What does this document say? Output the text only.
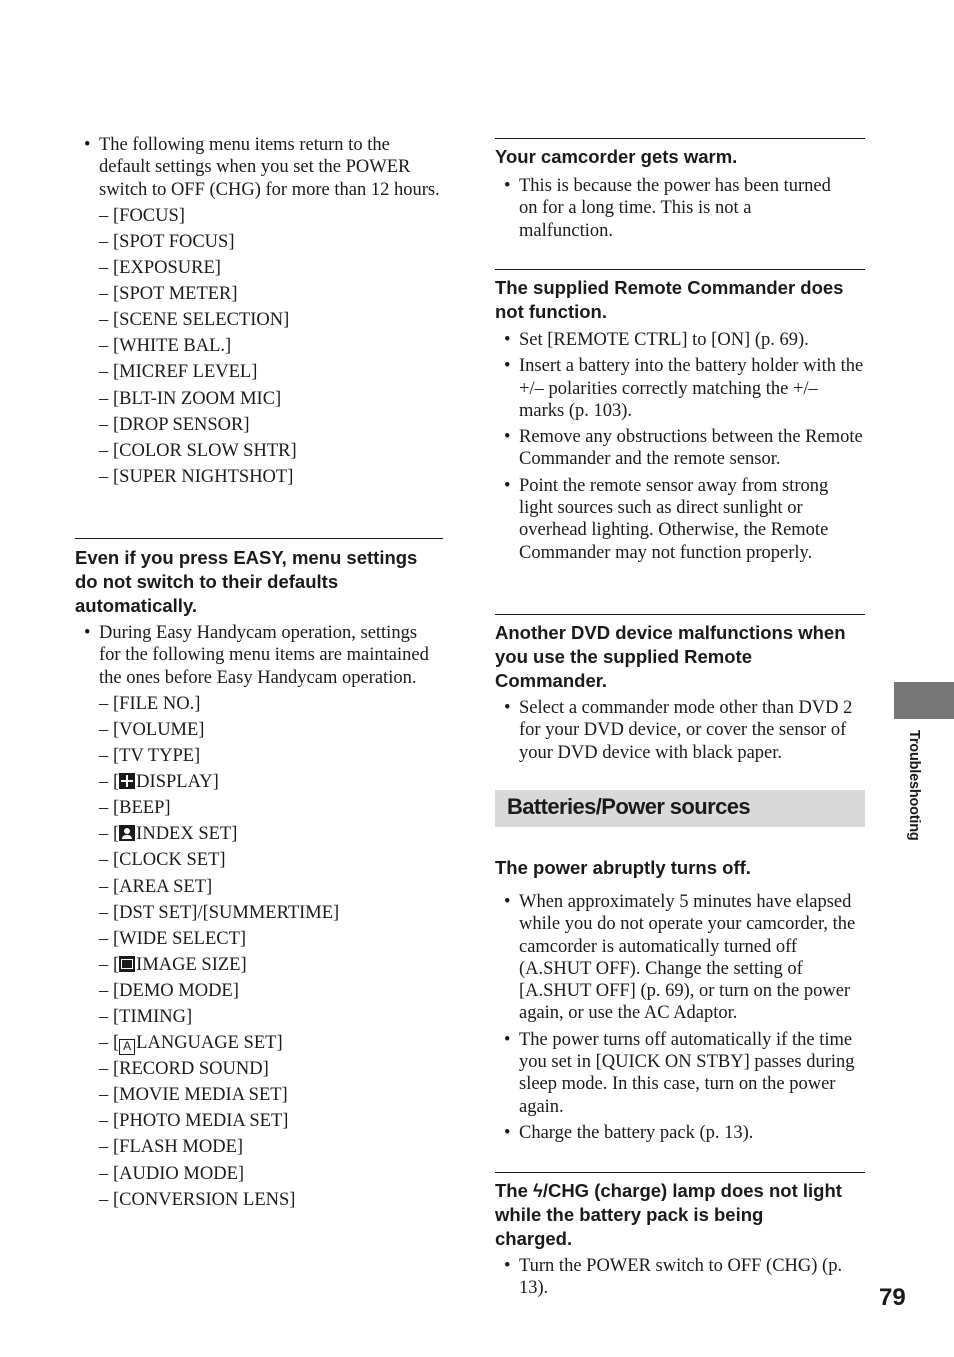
• The following menu items return to the default settings when you set the POWER switch to OFF (CHG) for more than 12 hours.
– [FOCUS]
– [SPOT FOCUS]
– [EXPOSURE]
– [SPOT METER]
– [SCENE SELECTION]
– [WHITE BAL.]
– [MICREF LEVEL]
– [BLT-IN ZOOM MIC]
– [DROP SENSOR]
– [COLOR SLOW SHTR]
– [SUPER NIGHTSHOT]
Even if you press EASY, menu settings do not switch to their defaults automatically.
• During Easy Handycam operation, settings for the following menu items are maintained the ones before Easy Handycam operation.
– [FILE NO.]
– [VOLUME]
– [TV TYPE]
– [ DISPLAY]
– [BEEP]
– [ INDEX SET]
– [CLOCK SET]
– [AREA SET]
– [DST SET]/[SUMMERTIME]
– [WIDE SELECT]
– [ IMAGE SIZE]
– [DEMO MODE]
– [TIMING]
– [ A LANGUAGE SET]
– [RECORD SOUND]
– [MOVIE MEDIA SET]
– [PHOTO MEDIA SET]
– [FLASH MODE]
– [AUDIO MODE]
– [CONVERSION LENS]
Your camcorder gets warm.
• This is because the power has been turned on for a long time. This is not a malfunction.
The supplied Remote Commander does not function.
• Set [REMOTE CTRL] to [ON] (p. 69).
• Insert a battery into the battery holder with the +/– polarities correctly matching the +/– marks (p. 103).
• Remove any obstructions between the Remote Commander and the remote sensor.
• Point the remote sensor away from strong light sources such as direct sunlight or overhead lighting. Otherwise, the Remote Commander may not function properly.
Another DVD device malfunctions when you use the supplied Remote Commander.
• Select a commander mode other than DVD 2 for your DVD device, or cover the sensor of your DVD device with black paper.
The power abruptly turns off.
• When approximately 5 minutes have elapsed while you do not operate your camcorder, the camcorder is automatically turned off (A.SHUT OFF). Change the setting of [A.SHUT OFF] (p. 69), or turn on the power again, or use the AC Adaptor.
• The power turns off automatically if the time you set in [QUICK ON STBY] passes during sleep mode. In this case, turn on the power again.
• Charge the battery pack (p. 13).
The ϟ/CHG (charge) lamp does not light while the battery pack is being charged.
• Turn the POWER switch to OFF (CHG) (p. 13).
Batteries/Power sources	Troubleshooting
79
